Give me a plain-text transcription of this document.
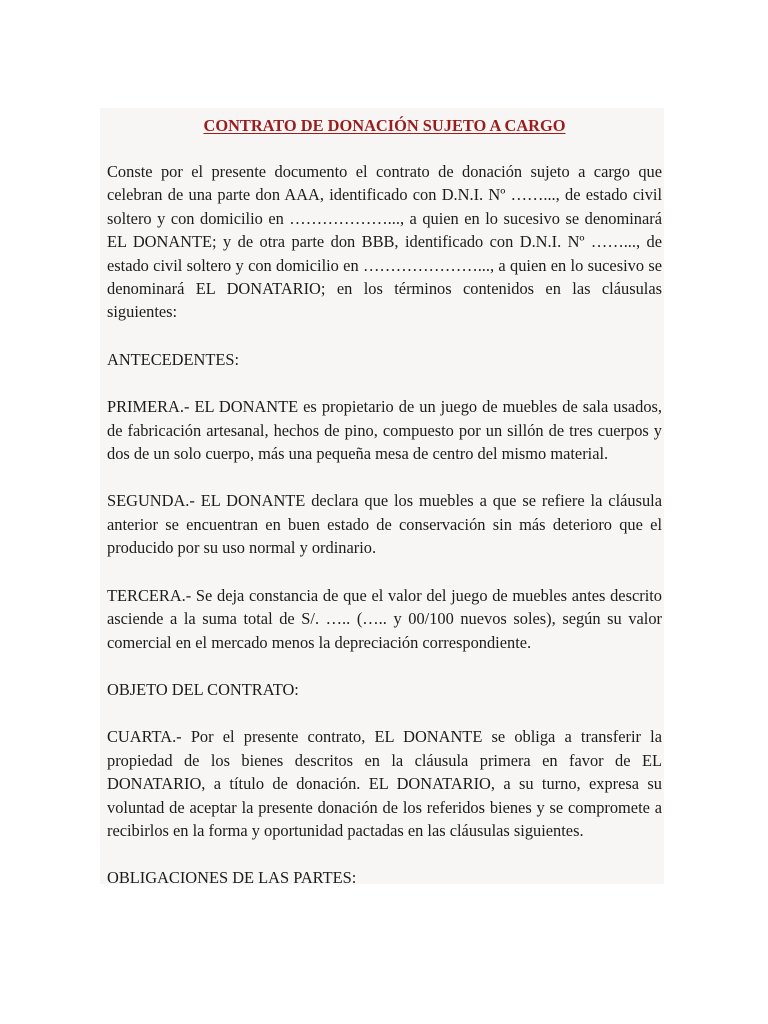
CONTRATO DE DONACIÓN SUJETO A CARGO

Conste por el presente documento el contrato de donación sujeto a cargo que celebran de una parte don AAA, identificado con D.N.I. Nº ……..., de estado civil soltero y con domicilio en ………………..., a quien en lo sucesivo se denominará EL DONANTE; y de otra parte don BBB, identificado con D.N.I. Nº ……..., de estado civil soltero y con domicilio en …………………..., a quien en lo sucesivo se denominará EL DONATARIO; en los términos contenidos en las cláusulas siguientes:

ANTECEDENTES:

PRIMERA.- EL DONANTE es propietario de un juego de muebles de sala usados, de fabricación artesanal, hechos de pino, compuesto por un sillón de tres cuerpos y dos de un solo cuerpo, más una pequeña mesa de centro del mismo material.

SEGUNDA.- EL DONANTE declara que los muebles a que se refiere la cláusula anterior se encuentran en buen estado de conservación sin más deterioro que el producido por su uso normal y ordinario.

TERCERA.- Se deja constancia de que el valor del juego de muebles antes descrito asciende a la suma total de S/. ….. (….. y 00/100 nuevos soles), según su valor comercial en el mercado menos la depreciación correspondiente.

OBJETO DEL CONTRATO:

CUARTA.- Por el presente contrato, EL DONANTE se obliga a transferir la propiedad de los bienes descritos en la cláusula primera en favor de EL DONATARIO, a título de donación. EL DONATARIO, a su turno, expresa su voluntad de aceptar la presente donación de los referidos bienes y se compromete a recibirlos en la forma y oportunidad pactadas en las cláusulas siguientes.

OBLIGACIONES DE LAS PARTES:
